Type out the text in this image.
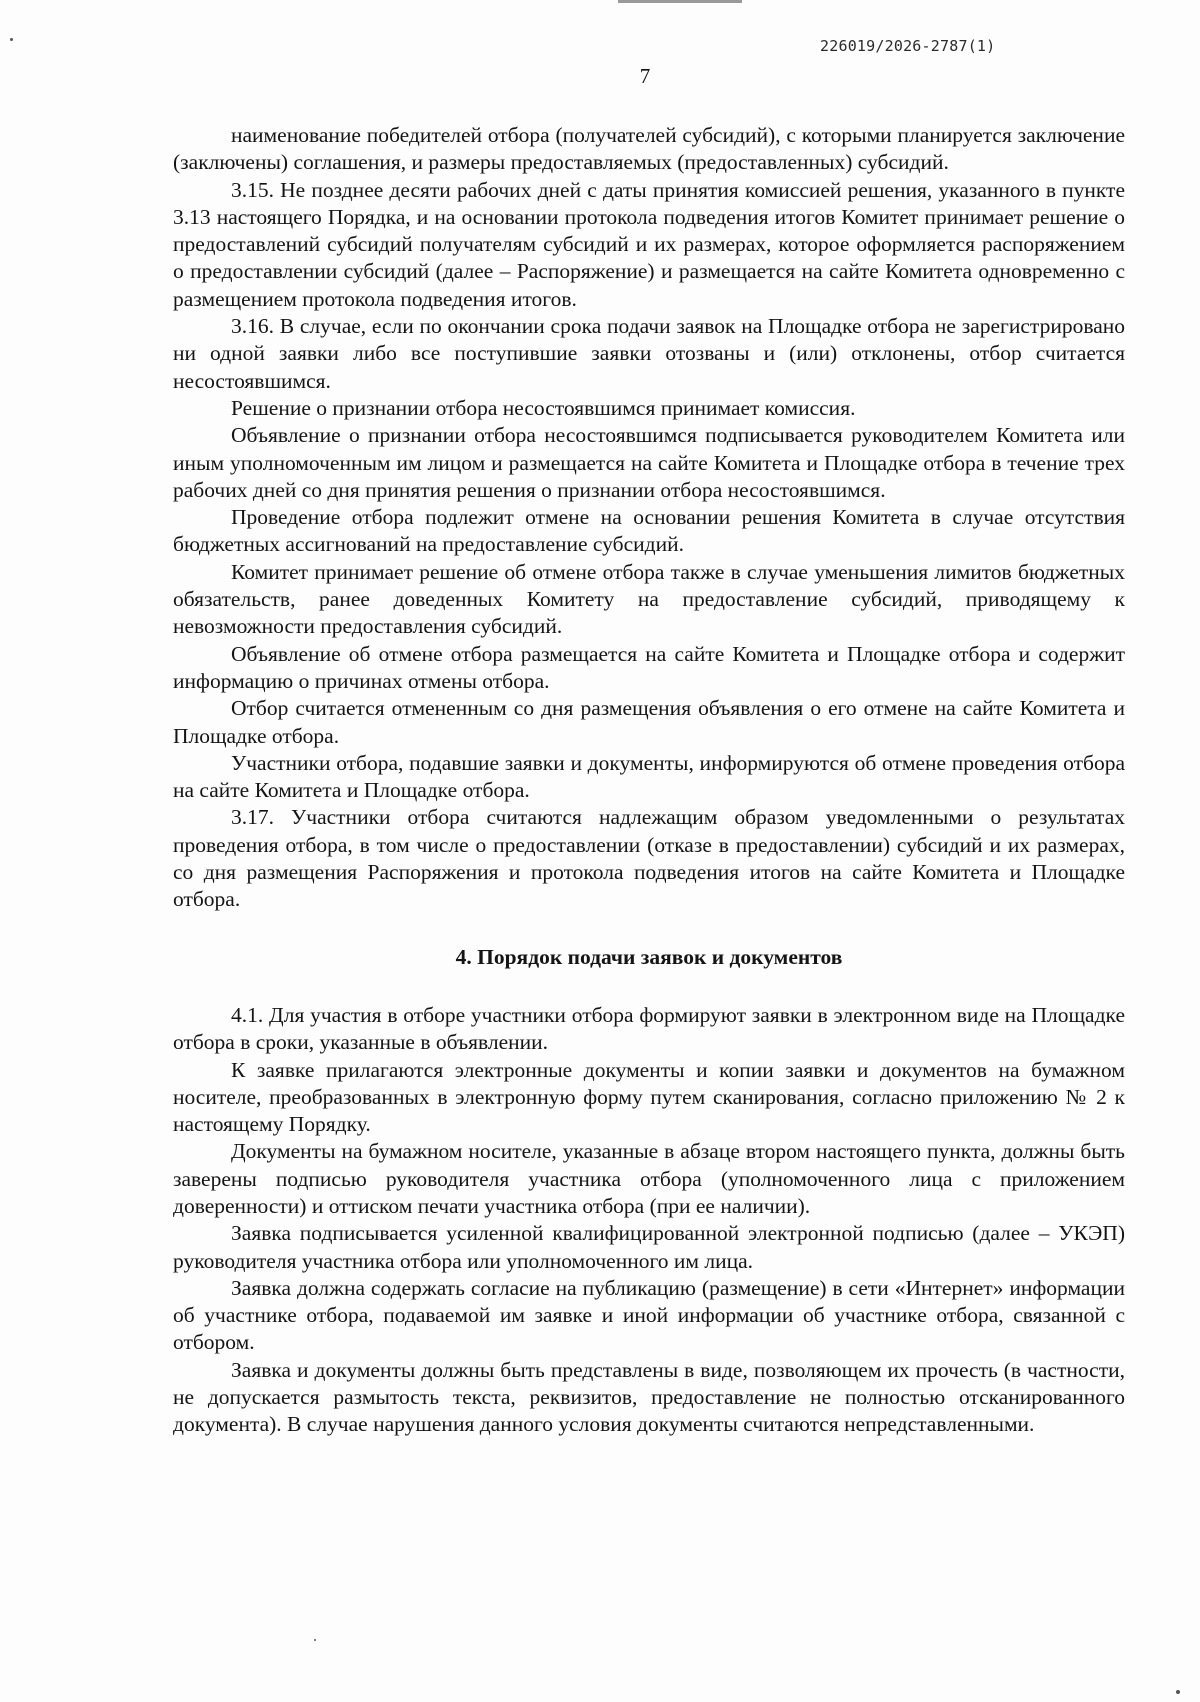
226019/2026-2787(1)
7

наименование победителей отбора (получателей субсидий), с которыми планируется заключение (заключены) соглашения, и размеры предоставляемых (предоставленных) субсидий.

3.15. Не позднее десяти рабочих дней с даты принятия комиссией решения, указанного в пункте 3.13 настоящего Порядка, и на основании протокола подведения итогов Комитет принимает решение о предоставлений субсидий получателям субсидий и их размерах, которое оформляется распоряжением о предоставлении субсидий (далее – Распоряжение) и размещается на сайте Комитета одновременно с размещением протокола подведения итогов.

3.16. В случае, если по окончании срока подачи заявок на Площадке отбора не зарегистрировано ни одной заявки либо все поступившие заявки отозваны и (или) отклонены, отбор считается несостоявшимся.

Решение о признании отбора несостоявшимся принимает комиссия.

Объявление о признании отбора несостоявшимся подписывается руководителем Комитета или иным уполномоченным им лицом и размещается на сайте Комитета и Площадке отбора в течение трех рабочих дней со дня принятия решения о признании отбора несостоявшимся.

Проведение отбора подлежит отмене на основании решения Комитета в случае отсутствия бюджетных ассигнований на предоставление субсидий.

Комитет принимает решение об отмене отбора также в случае уменьшения лимитов бюджетных обязательств, ранее доведенных Комитету на предоставление субсидий, приводящему к невозможности предоставления субсидий.

Объявление об отмене отбора размещается на сайте Комитета и Площадке отбора и содержит информацию о причинах отмены отбора.

Отбор считается отмененным со дня размещения объявления о его отмене на сайте Комитета и Площадке отбора.

Участники отбора, подавшие заявки и документы, информируются об отмене проведения отбора на сайте Комитета и Площадке отбора.

3.17. Участники отбора считаются надлежащим образом уведомленными о результатах проведения отбора, в том числе о предоставлении (отказе в предоставлении) субсидий и их размерах, со дня размещения Распоряжения и протокола подведения итогов на сайте Комитета и Площадке отбора.

4. Порядок подачи заявок и документов

4.1. Для участия в отборе участники отбора формируют заявки в электронном виде на Площадке отбора в сроки, указанные в объявлении.

К заявке прилагаются электронные документы и копии заявки и документов на бумажном носителе, преобразованных в электронную форму путем сканирования, согласно приложению № 2 к настоящему Порядку.

Документы на бумажном носителе, указанные в абзаце втором настоящего пункта, должны быть заверены подписью руководителя участника отбора (уполномоченного лица с приложением доверенности) и оттиском печати участника отбора (при ее наличии).

Заявка подписывается усиленной квалифицированной электронной подписью (далее – УКЭП) руководителя участника отбора или уполномоченного им лица.

Заявка должна содержать согласие на публикацию (размещение) в сети «Интернет» информации об участнике отбора, подаваемой им заявке и иной информации об участнике отбора, связанной с отбором.

Заявка и документы должны быть представлены в виде, позволяющем их прочесть (в частности, не допускается размытость текста, реквизитов, предоставление не полностью отсканированного документа). В случае нарушения данного условия документы считаются непредставленными.
